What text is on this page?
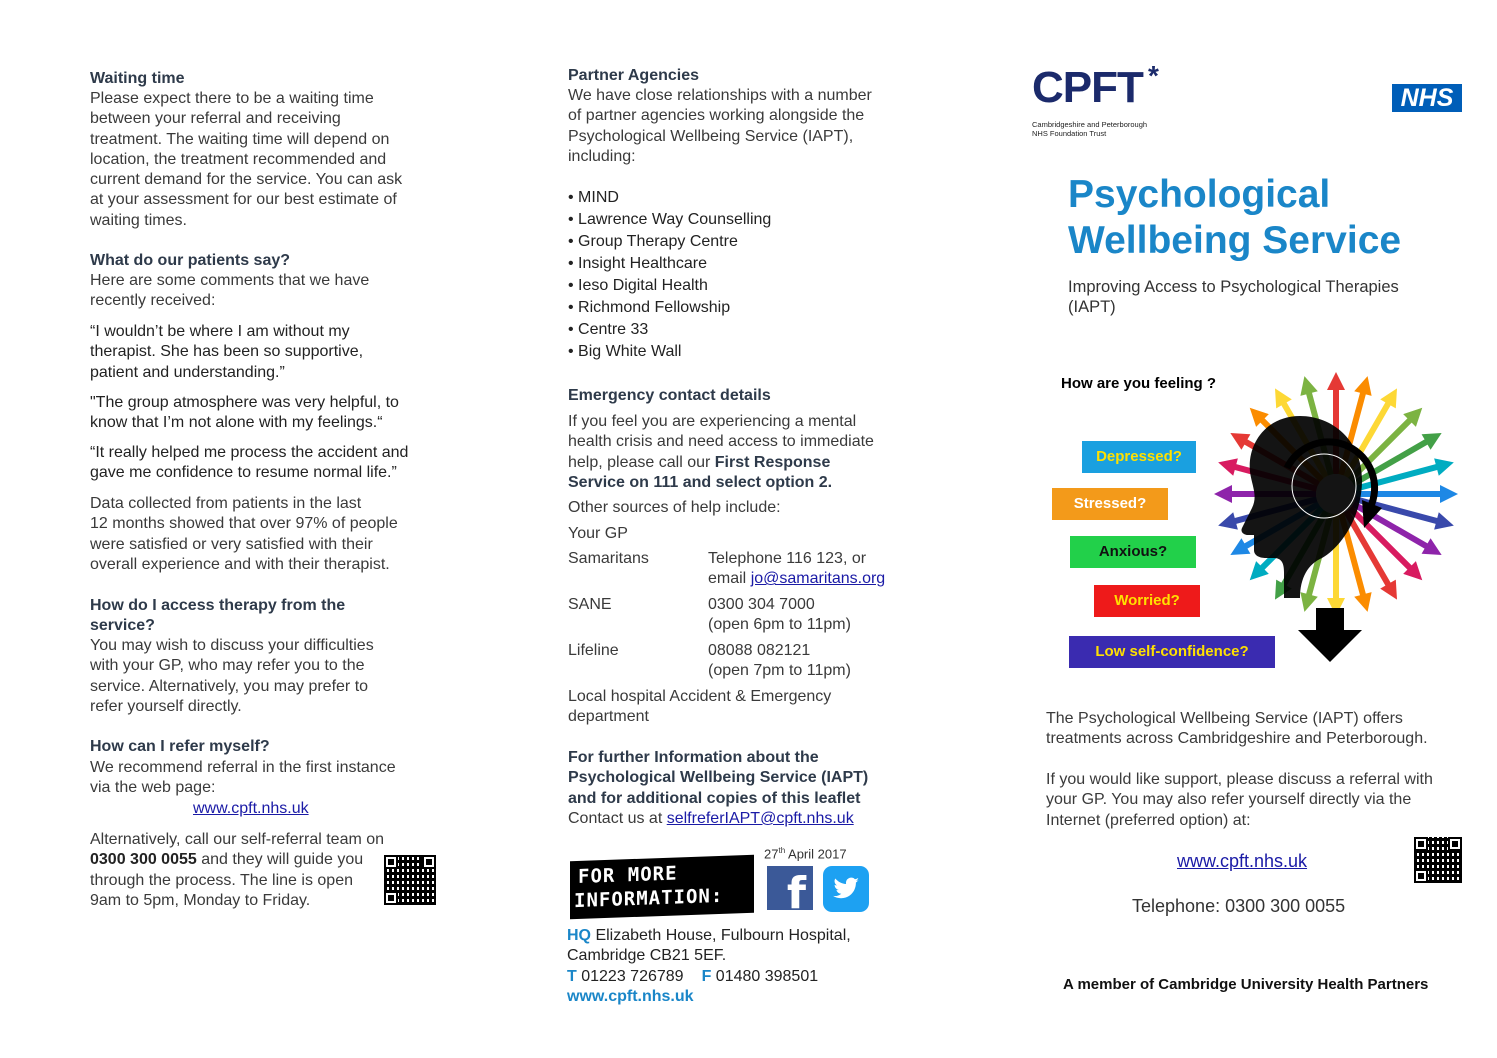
Waiting time
Please expect there to be a waiting time
between your referral and receiving
treatment. The waiting time will depend on
location, the treatment recommended and
current demand for the service. You can ask
at your assessment for our best estimate of
waiting times.
What do our patients say?
Here are some comments that we have
recently received:
“I wouldn’t be where I am without my
therapist. She has been so supportive,
patient and understanding.”
"The group atmosphere was very helpful, to
know that I’m not alone with my feelings.“
“It really helped me process the accident and
gave me confidence to resume normal life.”
Data collected from patients in the last
12 months showed that over 97% of people
were satisfied or very satisfied with their
overall experience and with their therapist.
How do I access therapy from the
service?
You may wish to discuss your difficulties
with your GP, who may refer you to the
service. Alternatively, you may prefer to
refer yourself directly.
How can I refer myself?
We recommend referral in the first instance
via the web page:
www.cpft.nhs.uk
Alternatively, call our self-referral team on
0300 300 0055 and they will guide you
through the process. The line is open
9am to 5pm, Monday to Friday.
Partner Agencies
We have close relationships with a number
of partner agencies working alongside the
Psychological Wellbeing Service (IAPT),
including:
• MIND
• Lawrence Way Counselling
• Group Therapy Centre
• Insight Healthcare
• Ieso Digital Health
• Richmond Fellowship
• Centre 33
• Big White Wall
Emergency contact details
If you feel you are experiencing a mental
health crisis and need access to immediate
help, please call our First Response
Service on 111 and select option 2.
Other sources of help include:
Your GP
Samaritans	Telephone 116 123, or
email jo@samaritans.org
SANE	0300 304 7000
(open 6pm to 11pm)
Lifeline	08088 082121
(open 7pm to 11pm)
Local hospital Accident & Emergency
department
For further Information about the
Psychological Wellbeing Service (IAPT)
and for additional copies of this leaflet
Contact us at selfreferIAPT@cpft.nhs.uk
27th April 2017
FOR MORE
INFORMATION:	f
HQ Elizabeth House, Fulbourn Hospital,
Cambridge CB21 5EF.
T 01223 726789 F 01480 398501
www.cpft.nhs.uk
CPFT *
Cambridgeshire and Peterborough
NHS Foundation Trust
NHS
Psychological
Wellbeing Service
Improving Access to Psychological Therapies
(IAPT)
How are you feeling ?
Depressed?
Stressed?
Anxious?
Worried?
Low self-confidence?
The Psychological Wellbeing Service (IAPT) offers
treatments across Cambridgeshire and Peterborough.
If you would like support, please discuss a referral with
your GP. You may also refer yourself directly via the
Internet (preferred option) at:
www.cpft.nhs.uk
Telephone: 0300 300 0055
A member of Cambridge University Health Partners
